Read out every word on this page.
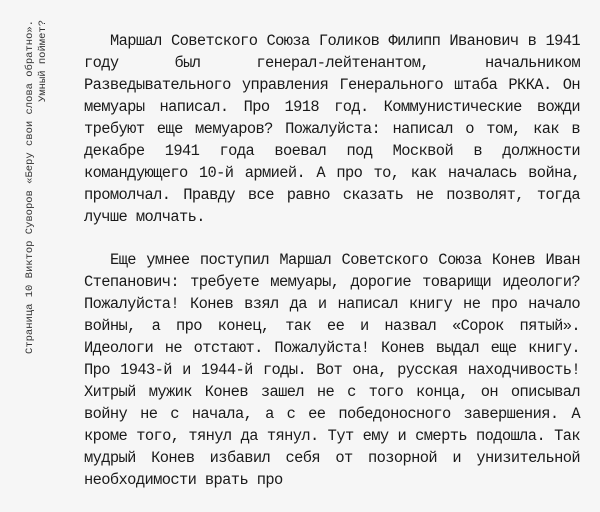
Страница 10 Виктор Суворов «Беру свои слова обратно». Умный поймет?	Маршал Советского Союза Голиков Филипп Иванович в 1941 году был генерал-лейтенантом, начальником Разведывательного управления Генерального штаба РККА. Он мемуары написал. Про 1918 год. Коммунистические вожди требуют еще мемуаров? Пожалуйста: написал о том, как в декабре 1941 года воевал под Москвой в должности командующего 10-й армией. А про то, как началась война, промолчал. Правду все равно сказать не позволят, тогда лучше молчать.

Еще умнее поступил Маршал Советского Союза Конев Иван Степанович: требуете мемуары, дорогие товарищи идеологи? Пожалуйста! Конев взял да и написал книгу не про начало войны, а про конец, так ее и назвал «Сорок пятый». Идеологи не отстают. Пожалуйста! Конев выдал еще книгу. Про 1943-й и 1944-й годы. Вот она, русская находчивость! Хитрый мужик Конев зашел не с того конца, он описывал войну не с начала, а с ее победоносного завершения. А кроме того, тянул да тянул. Тут ему и смерть подошла. Так мудрый Конев избавил себя от позорной и унизительной необходимости врать про
